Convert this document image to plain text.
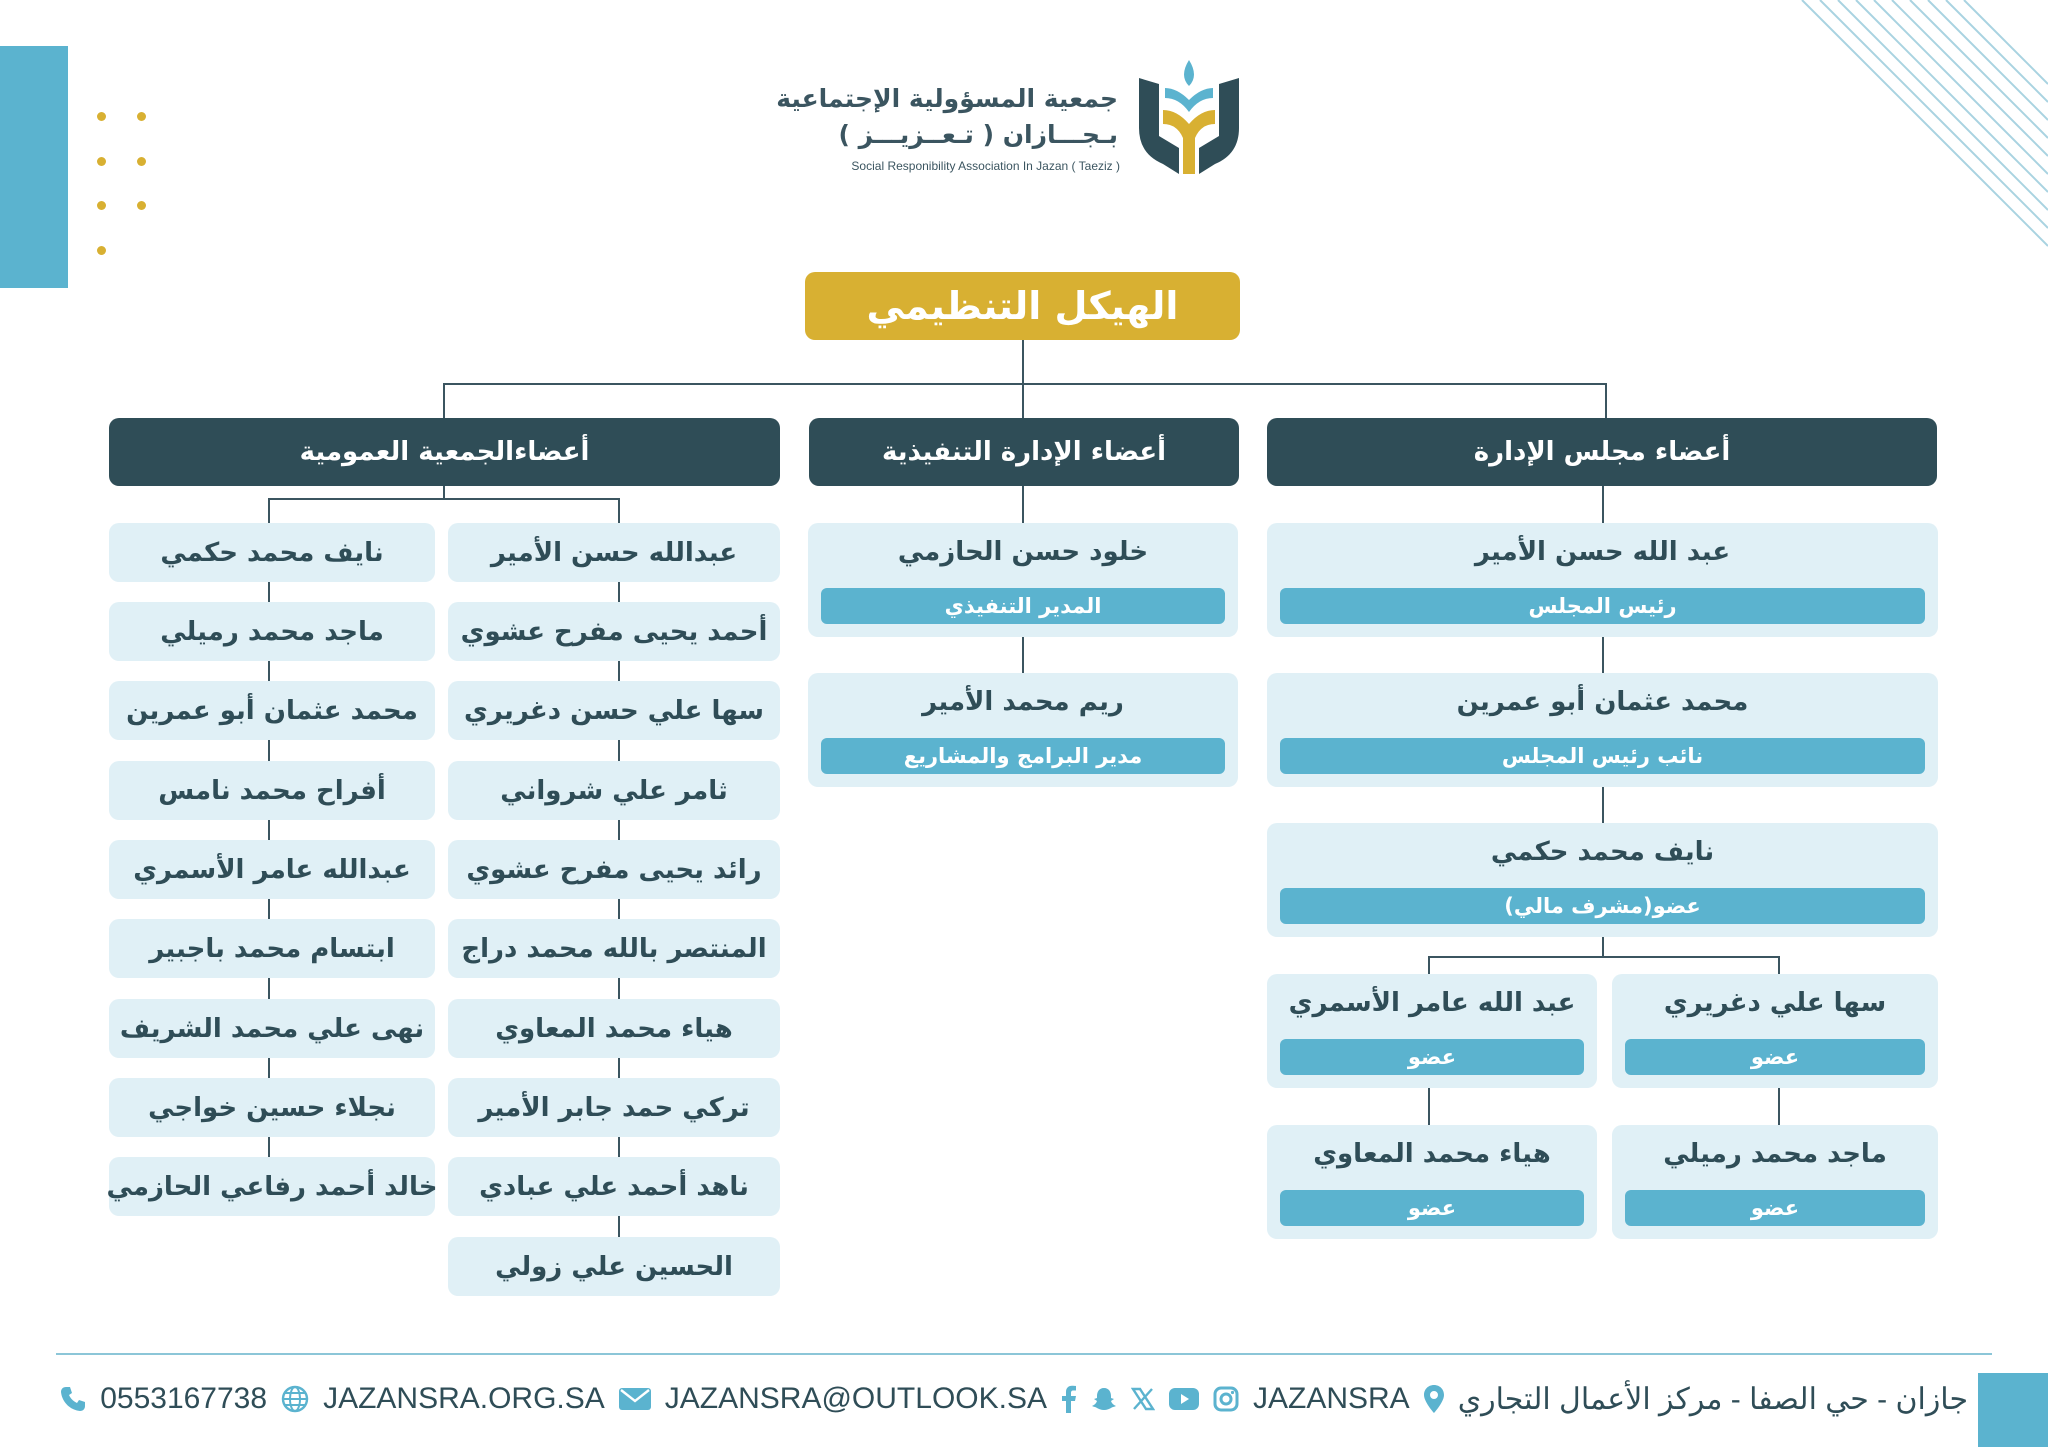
جمعية المسؤولية الإجتماعية
بـجـــازان ( تـعــزيـــز )
Social Responibility Association In Jazan ( Taeziz )
الهيكل التنظيمي
أعضاء مجلس الإدارة
أعضاء الإدارة التنفيذية
أعضاءالجمعية العمومية
عبد الله حسن الأمير
رئيس المجلس
محمد عثمان أبو عمرين
نائب رئيس المجلس
نايف محمد حكمي
عضو(مشرف مالي)
سها علي دغريري
عضو
عبد الله عامر الأسمري
عضو
ماجد محمد رميلي
عضو
هياء محمد المعاوي
عضو
خلود حسن الحازمي
المدير التنفيذي
ريم محمد الأمير
مدير البرامج والمشاريع
عبدالله حسن الأمير
أحمد يحيى مفرح عشوي
سها علي حسن دغريري
ثامر علي شرواني
رائد يحيى مفرح عشوي
المنتصر بالله محمد دراج
هياء محمد المعاوي
تركي حمد جابر الأمير
ناهد أحمد علي عبادي
الحسين علي زولي
نايف محمد حكمي
ماجد محمد رميلي
محمد عثمان أبو عمرين
أفراح محمد نامس
عبدالله عامر الأسمري
ابتسام محمد باجبير
نهى علي محمد الشريف
نجلاء حسين خواجي
خالد أحمد رفاعي الحازمي
جازان - حي الصفا - مركز الأعمال التجاري
JAZANSRA
JAZANSRA@OUTLOOK.SA
JAZANSRA.ORG.SA
0553167738
